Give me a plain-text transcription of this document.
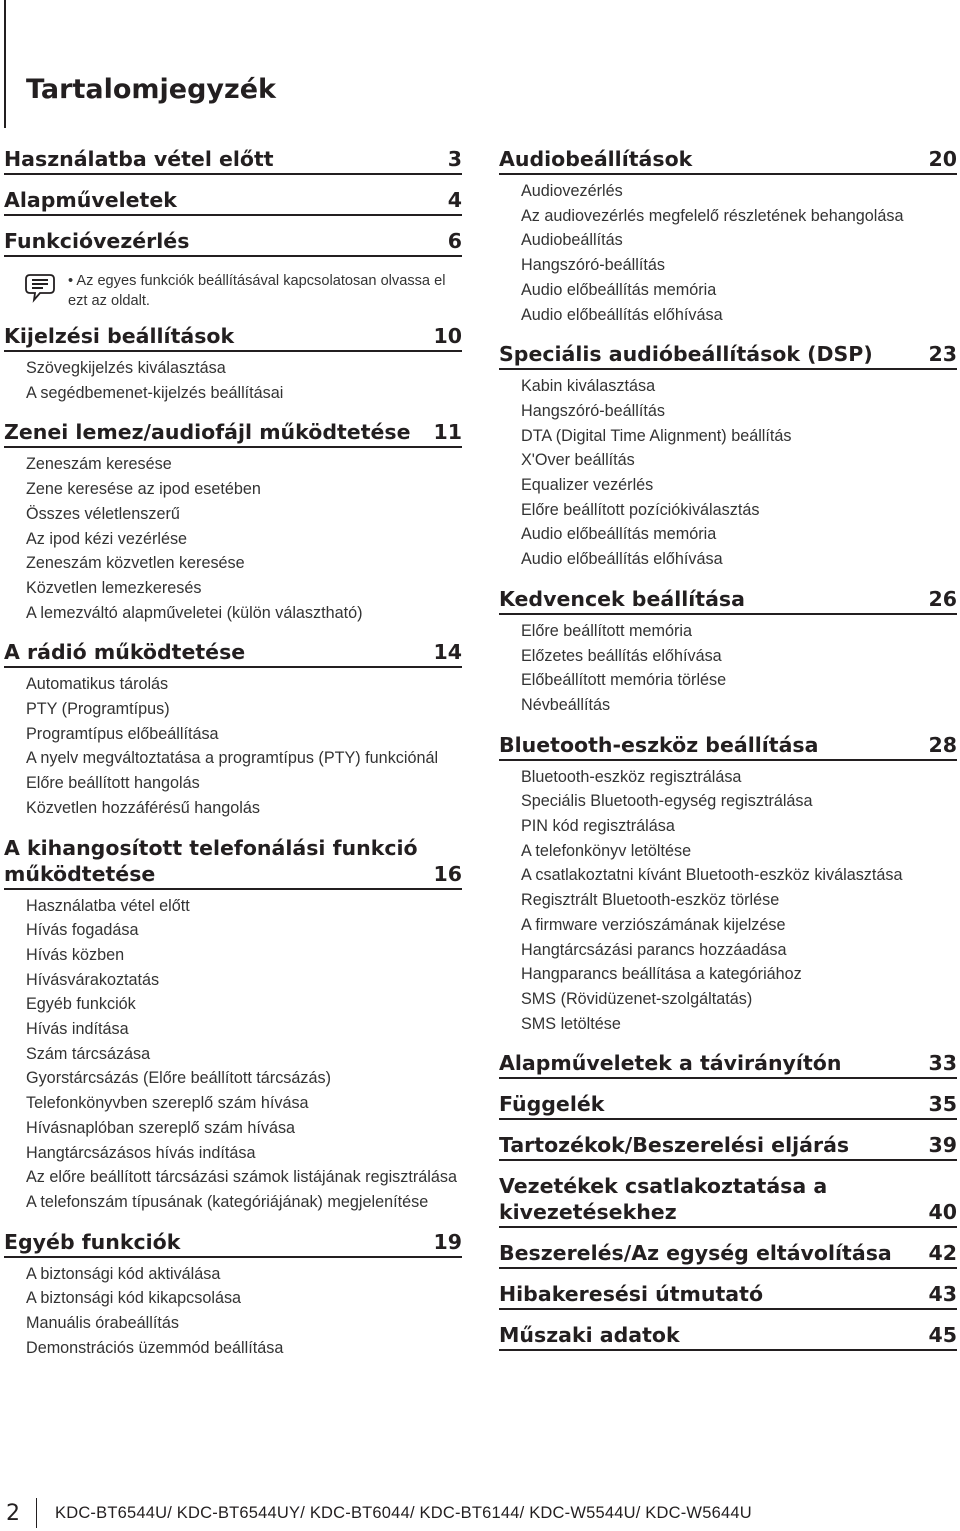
Tartalomjegyzék
Használatba vétel előtt	3
Alapműveletek	4
Funkcióvezérlés	6
• Az egyes funkciók beállításával kapcsolatosan olvassa el ezt az oldalt.
Kijelzési beállítások	10
Szövegkijelzés kiválasztása
A segédbemenet-kijelzés beállításai
Zenei lemez/audiofájl működtetése	11
Zeneszám keresése
Zene keresése az ipod esetében
Összes véletlenszerű
Az ipod kézi vezérlése
Zeneszám közvetlen keresése
Közvetlen lemezkeresés
A lemezváltó alapműveletei (külön választható)
A rádió működtetése	14
Automatikus tárolás
PTY (Programtípus)
Programtípus előbeállítása
A nyelv megváltoztatása a programtípus (PTY) funkciónál
Előre beállított hangolás
Közvetlen hozzáférésű hangolás
A kihangosított telefonálási funkció működtetése	16
Használatba vétel előtt
Hívás fogadása
Hívás közben
Hívásvárakoztatás
Egyéb funkciók
Hívás indítása
Szám tárcsázása
Gyorstárcsázás (Előre beállított tárcsázás)
Telefonkönyvben szereplő szám hívása
Hívásnaplóban szereplő szám hívása
Hangtárcsázásos hívás indítása
Az előre beállított tárcsázási számok listájának regisztrálása
A telefonszám típusának (kategóriájának) megjelenítése
Egyéb funkciók	19
A biztonsági kód aktiválása
A biztonsági kód kikapcsolása
Manuális órabeállítás
Demonstrációs üzemmód beállítása
Audiobeállítások	20
Audiovezérlés
Az audiovezérlés megfelelő részletének behangolása
Audiobeállítás
Hangszóró-beállítás
Audio előbeállítás memória
Audio előbeállítás előhívása
Speciális audióbeállítások (DSP)	23
Kabin kiválasztása
Hangszóró-beállítás
DTA (Digital Time Alignment) beállítás
X'Over beállítás
Equalizer vezérlés
Előre beállított pozíciókiválasztás
Audio előbeállítás memória
Audio előbeállítás előhívása
Kedvencek beállítása	26
Előre beállított memória
Előzetes beállítás előhívása
Előbeállított memória törlése
Névbeállítás
Bluetooth-eszköz beállítása	28
Bluetooth-eszköz regisztrálása
Speciális Bluetooth-egység regisztrálása
PIN kód regisztrálása
A telefonkönyv letöltése
A csatlakoztatni kívánt Bluetooth-eszköz kiválasztása
Regisztrált Bluetooth-eszköz törlése
A firmware verziószámának kijelzése
Hangtárcsázási parancs hozzáadása
Hangparancs beállítása a kategóriához
SMS (Rövidüzenet-szolgáltatás)
SMS letöltése
Alapműveletek a távirányítón	33
Függelék	35
Tartozékok/Beszerelési eljárás	39
Vezetékek csatlakoztatása a kivezetésekhez	40
Beszerelés/Az egység eltávolítása	42
Hibakeresési útmutató	43
Műszaki adatok	45
2	KDC-BT6544U/ KDC-BT6544UY/ KDC-BT6044/ KDC-BT6144/ KDC-W5544U/ KDC-W5644U
